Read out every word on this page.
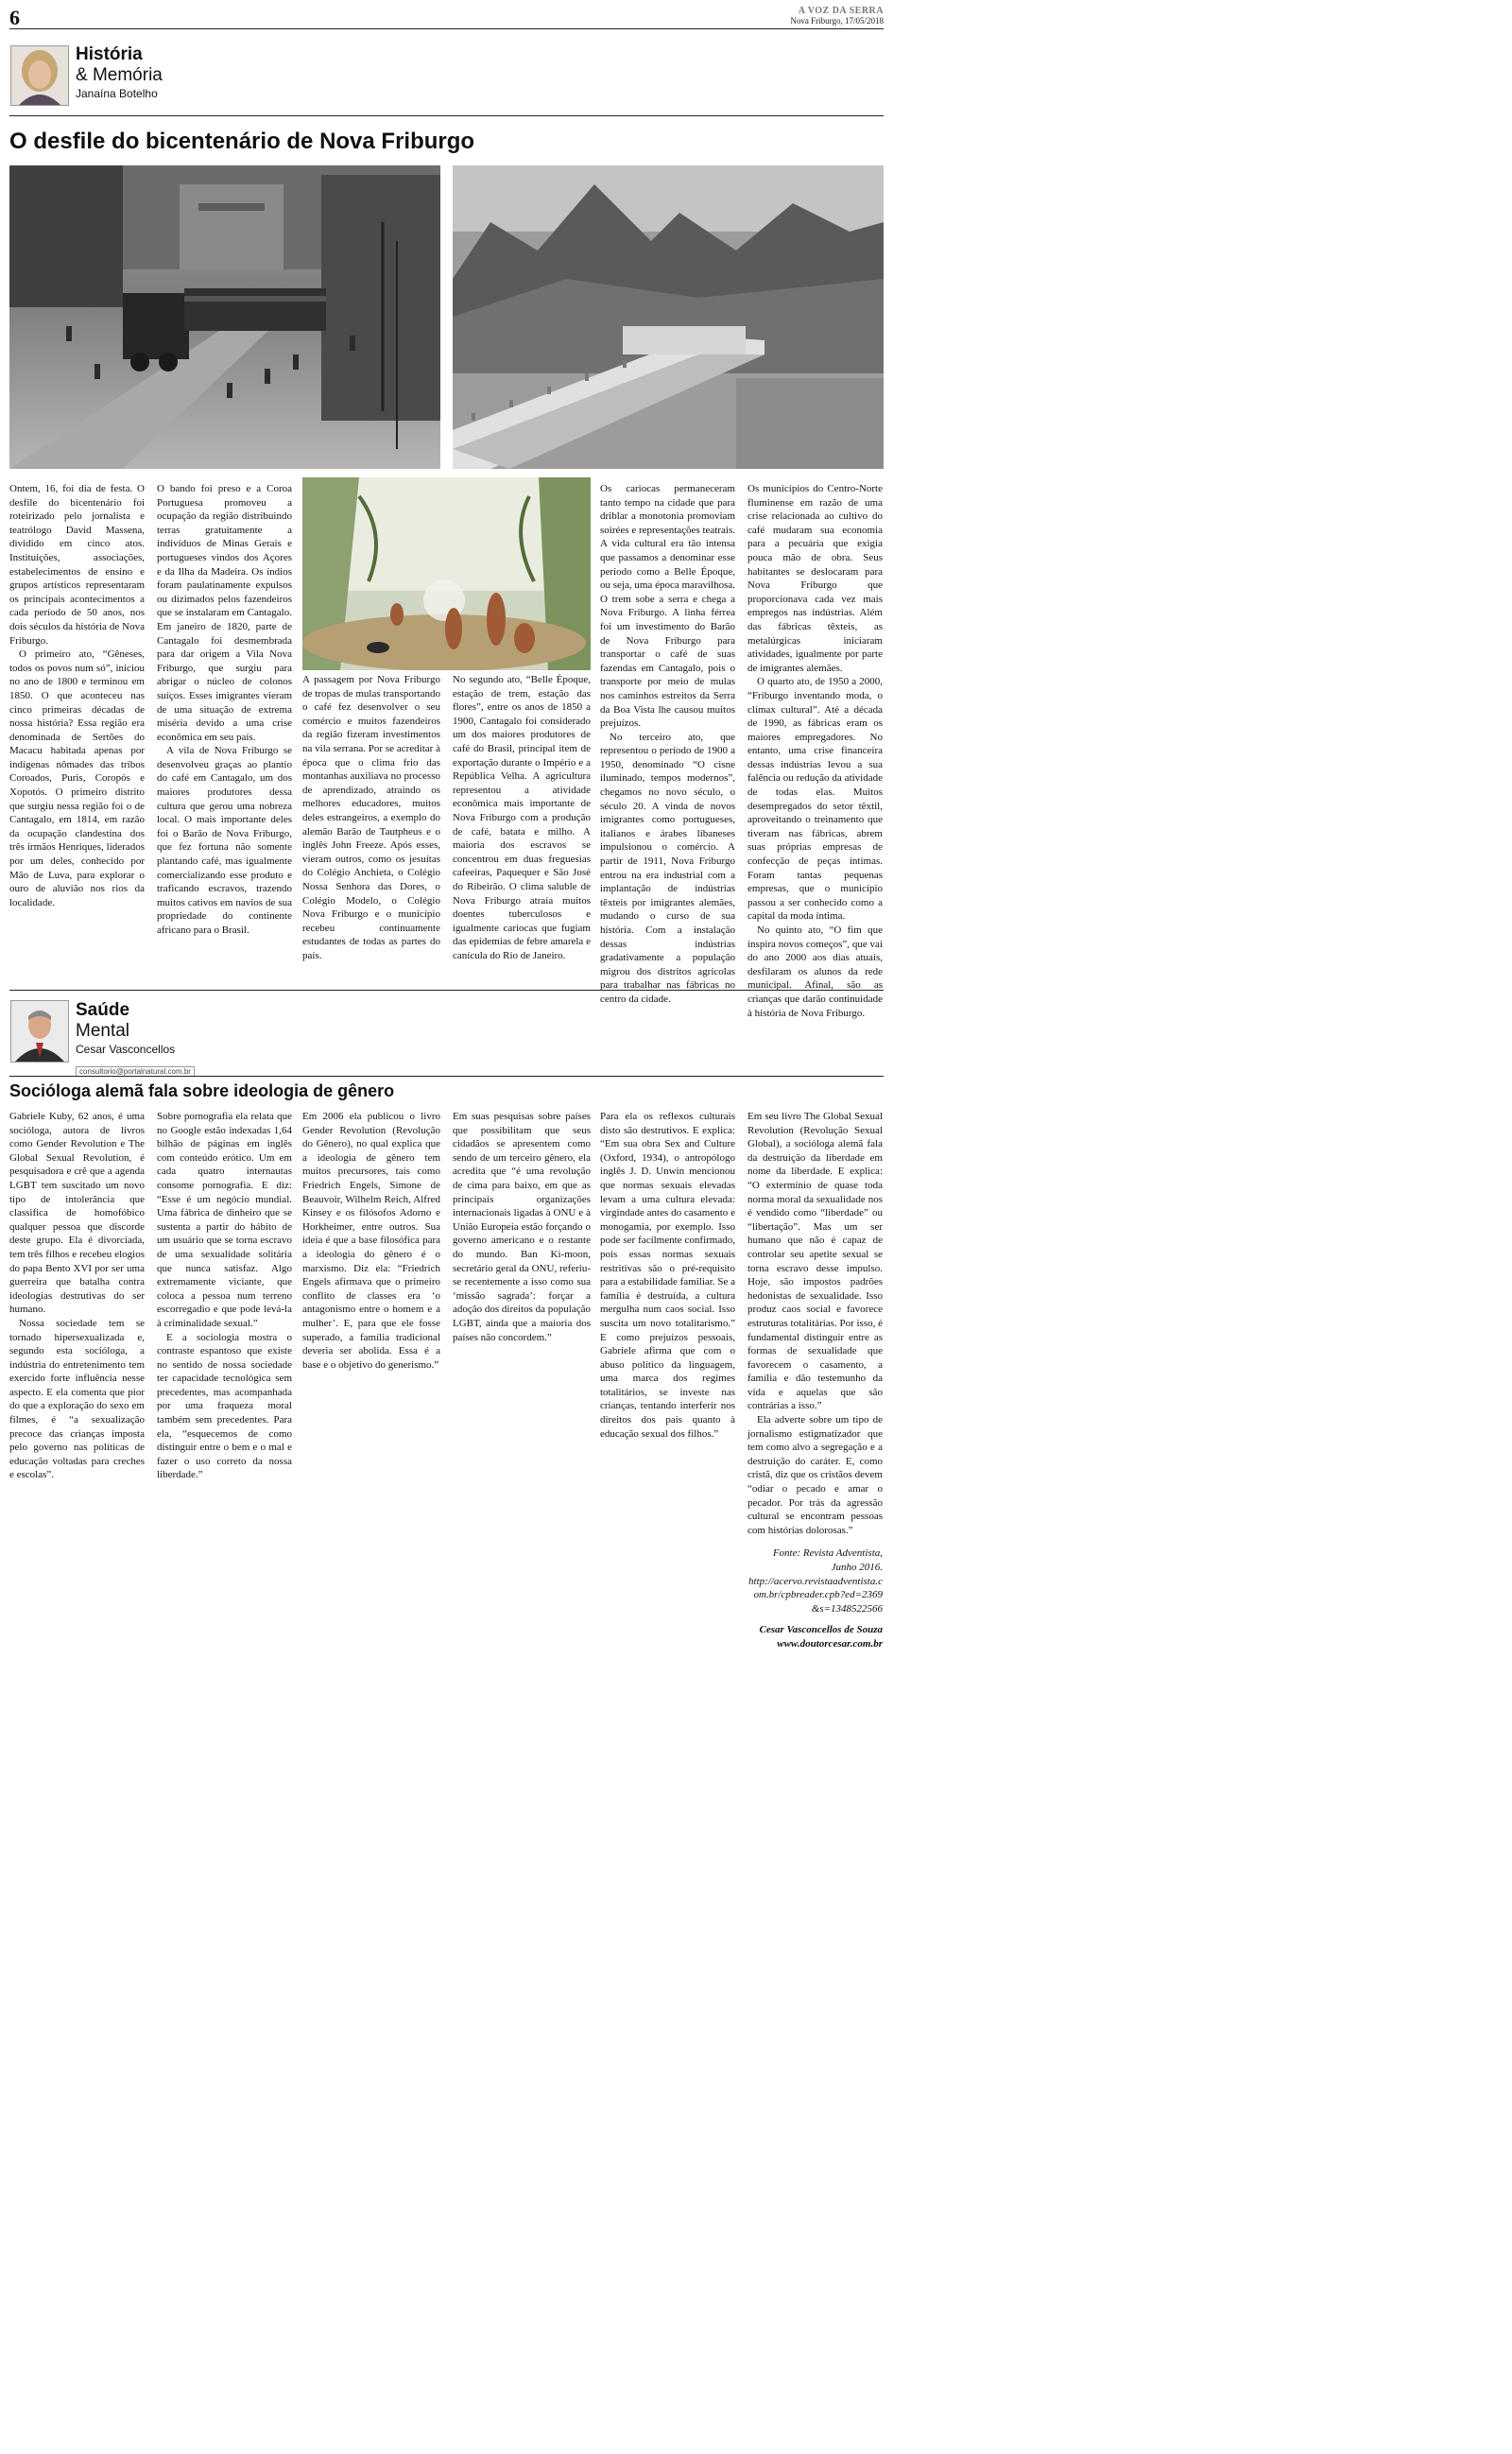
6	A VOZ DA SERRA
Nova Friburgo, 17/05/2018
História
& Memória
Janaína Botelho
O desfile do bicentenário de Nova Friburgo

Ontem, 16, foi dia de festa. O desfile do bicentenário foi roteirizado pelo jornalista e teatrólogo David Massena, dividido em cinco atos. Instituições, associações, estabelecimentos de ensino e grupos artísticos representaram os principais acontecimentos a cada período de 50 anos, nos dois séculos da história de Nova Friburgo.

O primeiro ato, “Gêneses, todos os povos num só”, iniciou no ano de 1800 e terminou em 1850. O que aconteceu nas cinco primeiras décadas de nossa história? Essa região era denominada de Sertões do Macacu habitada apenas por indígenas nômades das tribos Coroados, Puris, Coropós e Xopotós. O primeiro distrito que surgiu nessa região foi o de Cantagalo, em 1814, em razão da ocupação clandestina dos três irmãos Henriques, liderados por um deles, conhecido por Mão de Luva, para explorar o ouro de aluvião nos rios da localidade.

O bando foi preso e a Coroa Portuguesa promoveu a ocupação da região distribuindo terras gratuitamente a indivíduos de Minas Gerais e portugueses vindos dos Açores e da Ilha da Madeira. Os índios foram paulatinamente expulsos ou dizimados pelos fazendeiros que se instalaram em Cantagalo. Em janeiro de 1820, parte de Cantagalo foi desmembrada para dar origem a Vila Nova Friburgo, que surgiu para abrigar o núcleo de colonos suíços. Esses imigrantes vieram de uma situação de extrema miséria devido a uma crise econômica em seu país.

A vila de Nova Friburgo se desenvolveu graças ao plantio do café em Cantagalo, um dos maiores produtores dessa cultura que gerou uma nobreza local. O mais importante deles foi o Barão de Nova Friburgo, que fez fortuna não somente plantando café, mas igualmente comercializando esse produto e traficando escravos, trazendo muitos cativos em navios de sua propriedade do continente africano para o Brasil.

A passagem por Nova Friburgo de tropas de mulas transportando o café fez desenvolver o seu comércio e muitos fazendeiros da região fizeram investimentos na vila serrana. Por se acreditar à época que o clima frio das montanhas auxiliava no processo de aprendizado, atraindo os melhores educadores, muitos deles estrangeiros, a exemplo do alemão Barão de Tautpheus e o inglês John Freeze. Após esses, vieram outros, como os jesuítas do Colégio Anchieta, o Colégio Nossa Senhora das Dores, o Colégio Modelo, o Colégio Nova Friburgo e o município recebeu continuamente estudantes de todas as partes do país.

No segundo ato, “Belle Époque, estação de trem, estação das flores”, entre os anos de 1850 a 1900, Cantagalo foi considerado um dos maiores produtores de café do Brasil, principal item de exportação durante o Império e a República Velha. A agricultura representou a atividade econômica mais importante de Nova Friburgo com a produção de café, batata e milho. A maioria dos escravos se concentrou em duas freguesias cafeeiras, Paquequer e São José do Ribeirão. O clima saluble de Nova Friburgo atraía muitos doentes tuberculosos e igualmente cariocas que fugiam das epidemias de febre amarela e canícula do Rio de Janeiro.

Os cariocas permaneceram tanto tempo na cidade que para driblar a monotonia promoviam soirées e representações teatrais. A vida cultural era tão intensa que passamos a denominar esse período como a Belle Époque, ou seja, uma época maravilhosa. O trem sobe a serra e chega a Nova Friburgo. A linha férrea foi um investimento do Barão de Nova Friburgo para transportar o café de suas fazendas em Cantagalo, pois o transporte por meio de mulas nos caminhos estreitos da Serra da Boa Vista lhe causou muitos prejuízos.

No terceiro ato, que representou o período de 1900 a 1950, denominado “O cisne iluminado, tempos modernos”, chegamos no novo século, o século 20. A vinda de novos imigrantes como portugueses, italianos e árabes libaneses impulsionou o comércio. A partir de 1911, Nova Friburgo entrou na era industrial com a implantação de indústrias têxteis por imigrantes alemães, mudando o curso de sua história. Com a instalação dessas indústrias gradativamente a população migrou dos distritos agrícolas para trabalhar nas fábricas no centro da cidade.

Os municípios do Centro-Norte fluminense em razão de uma crise relacionada ao cultivo do café mudaram sua economia para a pecuária que exigia pouca mão de obra. Seus habitantes se deslocaram para Nova Friburgo que proporcionava cada vez mais empregos nas indústrias. Além das fábricas têxteis, as metalúrgicas iniciaram atividades, igualmente por parte de imigrantes alemães.

O quarto ato, de 1950 a 2000, “Friburgo inventando moda, o clímax cultural”. Até a década de 1990, as fábricas eram os maiores empregadores. No entanto, uma crise financeira dessas indústrias levou a sua falência ou redução da atividade de todas elas. Muitos desempregados do setor têxtil, aproveitando o treinamento que tiveram nas fábricas, abrem suas próprias empresas de confecção de peças íntimas. Foram tantas pequenas empresas, que o município passou a ser conhecido como a capital da moda íntima.

No quinto ato, “O fim que inspira novos começos”, que vai do ano 2000 aos dias atuais, desfilaram os alunos da rede municipal. Afinal, são as crianças que darão continuidade à história de Nova Friburgo.

Saúde
Mental
Cesar Vasconcellos
consultorio@portalnatural.com.br
Socióloga alemã fala sobre ideologia de gênero

Gabriele Kuby, 62 anos, é uma socióloga, autora de livros como Gender Revolution e The Global Sexual Revolution, é pesquisadora e crê que a agenda LGBT tem suscitado um novo tipo de intolerância que classifica de homofóbico qualquer pessoa que discorde deste grupo. Ela é divorciada, tem três filhos e recebeu elogios do papa Bento XVI por ser uma guerreira que batalha contra ideologias destrutivas do ser humano.

Nossa sociedade tem se tornado hipersexualizada e, segundo esta socióloga, a indústria do entretenimento tem exercido forte influência nesse aspecto. E ela comenta que pior do que a exploração do sexo em filmes, é “a sexualização precoce das crianças imposta pelo governo nas políticas de educação voltadas para creches e escolas”.

Sobre pornografia ela relata que no Google estão indexadas 1,64 bilhão de páginas em inglês com conteúdo erótico. Um em cada quatro internautas consome pornografia. E diz: “Esse é um negócio mundial. Uma fábrica de dinheiro que se sustenta a partir do hábito de um usuário que se torna escravo de uma sexualidade solitária que nunca satisfaz. Algo extremamente viciante, que coloca a pessoa num terreno escorregadio e que pode levá-la à criminalidade sexual.”

E a sociologia mostra o contraste espantoso que existe no sentido de nossa sociedade ter capacidade tecnológica sem precedentes, mas acompanhada por uma fraqueza moral também sem precedentes. Para ela, “esquecemos de como distinguir entre o bem e o mal e fazer o uso correto da nossa liberdade.”

Em 2006 ela publicou o livro Gender Revolution (Revolução do Gênero), no qual explica que a ideologia de gênero tem muitos precursores, tais como Friedrich Engels, Simone de Beauvoir, Wilhelm Reich, Alfred Kinsey e os filósofos Adorno e Horkheimer, entre outros. Sua ideia é que a base filosófica para a ideologia do gênero é o marxismo. Diz ela: “Friedrich Engels afirmava que o primeiro conflito de classes era ‘o antagonismo entre o homem e a mulher’. E, para que ele fosse superado, a família tradicional deveria ser abolida. Essa é a base e o objetivo do generismo.”

Em suas pesquisas sobre países que possibilitam que seus cidadãos se apresentem como sendo de um terceiro gênero, ela acredita que “é uma revolução de cima para baixo, em que as principais organizações internacionais ligadas à ONU e à União Europeia estão forçando o governo americano e o restante do mundo. Ban Ki-moon, secretário geral da ONU, referiu-se recentemente a isso como sua ‘missão sagrada’: forçar a adoção dos direitos da população LGBT, ainda que a maioria dos países não concordem.”

Para ela os reflexos culturais disto são destrutivos. E explica: “Em sua obra Sex and Culture (Oxford, 1934), o antropólogo inglês J. D. Unwin mencionou que normas sexuais elevadas levam a uma cultura elevada: virgindade antes do casamento e monogamia, por exemplo. Isso pode ser facilmente confirmado, pois essas normas sexuais restritivas são o pré-requisito para a estabilidade familiar. Se a família é destruída, a cultura mergulha num caos social. Isso suscita um novo totalitarismo.” E como prejuízos pessoais, Gabriele afirma que com o abuso político da linguagem, uma marca dos regimes totalitários, se investe nas crianças, tentando interferir nos direitos dos pais quanto à educação sexual dos filhos.”

Em seu livro The Global Sexual Revolution (Revolução Sexual Global), a socióloga alemã fala da destruição da liberdade em nome da liberdade. E explica: “O extermínio de quase toda norma moral da sexualidade nos é vendido como “liberdade” ou “libertação”. Mas um ser humano que não é capaz de controlar seu apetite sexual se torna escravo desse impulso. Hoje, são impostos padrões hedonistas de sexualidade. Isso produz caos social e favorece estruturas totalitárias. Por isso, é fundamental distinguir entre as formas de sexualidade que favorecem o casamento, a família e dão testemunho da vida e aquelas que são contrárias a isso.”

Ela adverte sobre um tipo de jornalismo estigmatizador que tem como alvo a segregação e a destruição do caráter. E, como cristã, diz que os cristãos devem “odiar o pecado e amar o pecador. Por trás da agressão cultural se encontram pessoas com histórias dolorosas.”

Fonte: Revista Adventista, Junho 2016.
http://acervo.revistaadventista.com.br/cpbreader.cpb?ed=2369&s=1348522566
Cesar Vasconcellos de Souza
www.doutorcesar.com.br
